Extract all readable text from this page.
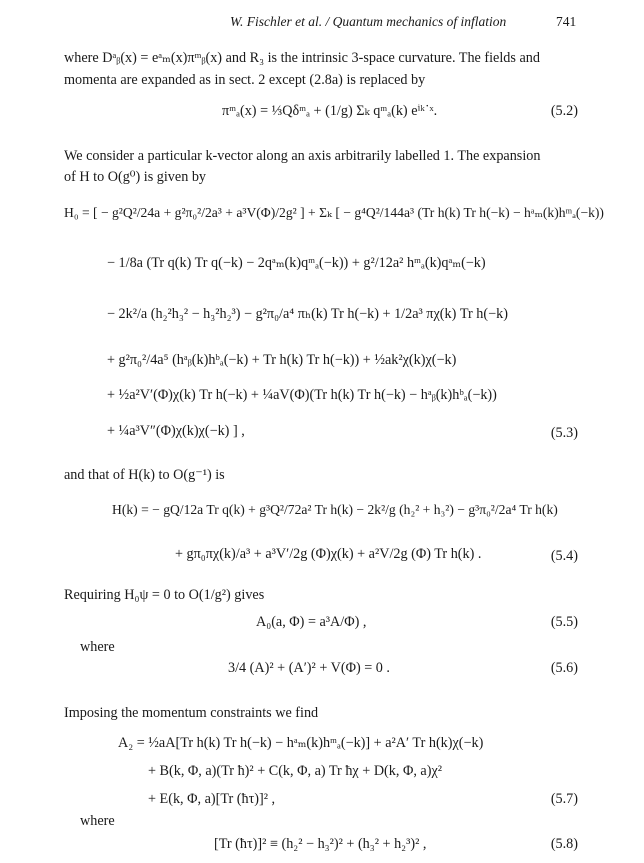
W. Fischler et al. / Quantum mechanics of inflation	741
where Dᵃᵦ(x) = eᵃₘ(x)πᵐᵦ(x) and R₃ is the intrinsic 3-space curvature. The fields and
momenta are expanded as in sect. 2 except (2.8a) is replaced by
πᵐₐ(x) = ⅓Qδᵐₐ + (1/g) Σₖ qᵐₐ(k) eⁱᵏ˙ˣ.	(5.2)
We consider a particular k-vector along an axis arbitrarily labelled 1. The expansion
of H to O(g⁰) is given by
H₀ = [ − g²Q²/24a + g²π₀²/2a³ + a³V(Φ)/2g² ] + Σₖ [ − g⁴Q²/144a³ (Tr h(k) Tr h(−k) − hᵃₘ(k)hᵐₐ(−k))
− 1/8a (Tr q(k) Tr q(−k) − 2qᵃₘ(k)qᵐₐ(−k)) + g²/12a² hᵐₐ(k)qᵃₘ(−k)
− 2k²/a (h₂²h₃² − h₃²h₂³) − g²π₀/a⁴ πₕ(k) Tr h(−k) + 1/2a³ πχ(k) Tr h(−k)
+ g²π₀²/4a⁵ (hᵃᵦ(k)hᵇₐ(−k) + Tr h(k) Tr h(−k)) + ½ak²χ(k)χ(−k)
+ ½a²V′(Φ)χ(k) Tr h(−k) + ¼aV(Φ)(Tr h(k) Tr h(−k) − hᵃᵦ(k)hᵇₐ(−k))
+ ¼a³V″(Φ)χ(k)χ(−k) ] ,	(5.3)
and that of H(k) to O(g⁻¹) is
H(k) = − gQ/12a Tr q(k) + g³Q²/72a² Tr h(k) − 2k²/g (h₂² + h₃²) − g³π₀²/2a⁴ Tr h(k)
+ gπ₀πχ(k)/a³ + a³V′/2g (Φ)χ(k) + a²V/2g (Φ) Tr h(k) .	(5.4)
Requiring H₀ψ = 0 to O(1/g²) gives
A₀(a, Φ) = a³A/Φ) ,	(5.5)
where
3/4 (A)² + (A′)² + V(Φ) = 0 .	(5.6)
Imposing the momentum constraints we find
A₂ = ½aA[Tr h(k) Tr h(−k) − hᵃₘ(k)hᵐₐ(−k)] + a²A′ Tr h(k)χ(−k)
+ B(k, Φ, a)(Tr ħ)² + C(k, Φ, a) Tr ħχ + D(k, Φ, a)χ²
+ E(k, Φ, a)[Tr (ħτ)]² ,	(5.7)
where
[Tr (ħτ)]² ≡ (h₂² − h₃²)² + (h₃² + h₂³)² ,	(5.8)
